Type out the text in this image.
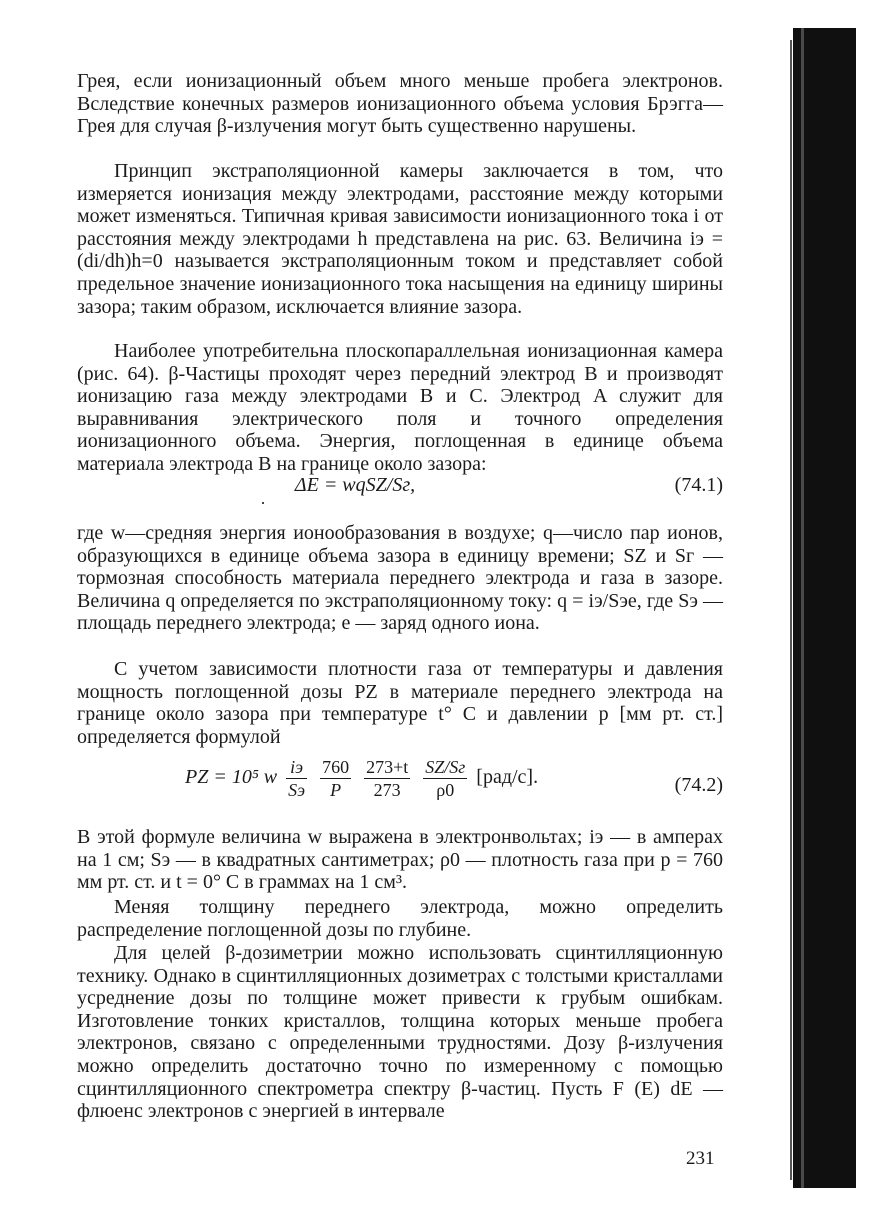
Грея, если ионизационный объем много меньше пробега электронов. Вследствие конечных размеров ионизационного объема условия Брэгга—Грея для случая β-излучения могут быть существенно нарушены.
Принцип экстраполяционной камеры заключается в том, что измеряется ионизация между электродами, расстояние между которыми может изменяться. Типичная кривая зависимости ионизационного тока i от расстояния между электродами h представлена на рис. 63. Величина iэ = (di/dh)h=0 называется экстраполяционным током и представляет собой предельное значение ионизационного тока насыщения на единицу ширины зазора; таким образом, исключается влияние зазора.
Наиболее употребительна плоскопараллельная ионизационная камера (рис. 64). β-Частицы проходят через передний электрод B и производят ионизацию газа между электродами B и C. Электрод A служит для выравнивания электрического поля и точного определения ионизационного объема. Энергия, поглощенная в единице объема материала электрода B на границе около зазора:
ΔE = wqSZ/Sг,	(74.1)
где w—средняя энергия ионообразования в воздухе; q—число пар ионов, образующихся в единице объема зазора в единицу времени; SZ и Sг — тормозная способность материала переднего электрода и газа в зазоре. Величина q определяется по экстраполяционному току: q = iэ/Sэe, где Sэ — площадь переднего электрода; e — заряд одного иона.
С учетом зависимости плотности газа от температуры и давления мощность поглощенной дозы PZ в материале переднего электрода на границе около зазора при температуре t° С и давлении p [мм рт. ст.] определяется формулой
PZ = 10⁵ w $\frac{iэ}{Sэ}$
$\frac{760}{P}$
$\frac{273+t}{273}$
$\frac{SZ/Sг}{\rho 0} [рад/с]$.	(74.2)
В этой формуле величина w выражена в электронвольтах; iэ — в амперах на 1 см; Sэ — в квадратных сантиметрах; ρ0 — плотность газа при p = 760 мм рт. ст. и t = 0° С в граммах на 1 см³.
Меняя толщину переднего электрода, можно определить распределение поглощенной дозы по глубине.
Для целей β-дозиметрии можно использовать сцинтилляционную технику. Однако в сцинтилляционных дозиметрах с толстыми кристаллами усреднение дозы по толщине может привести к грубым ошибкам. Изготовление тонких кристаллов, толщина которых меньше пробега электронов, связано с определенными трудностями. Дозу β-излучения можно определить достаточно точно по измеренному с помощью сцинтилляционного спектрометра спектру β-частиц. Пусть F (E) dE — флюенс электронов с энергией в интервале
231
